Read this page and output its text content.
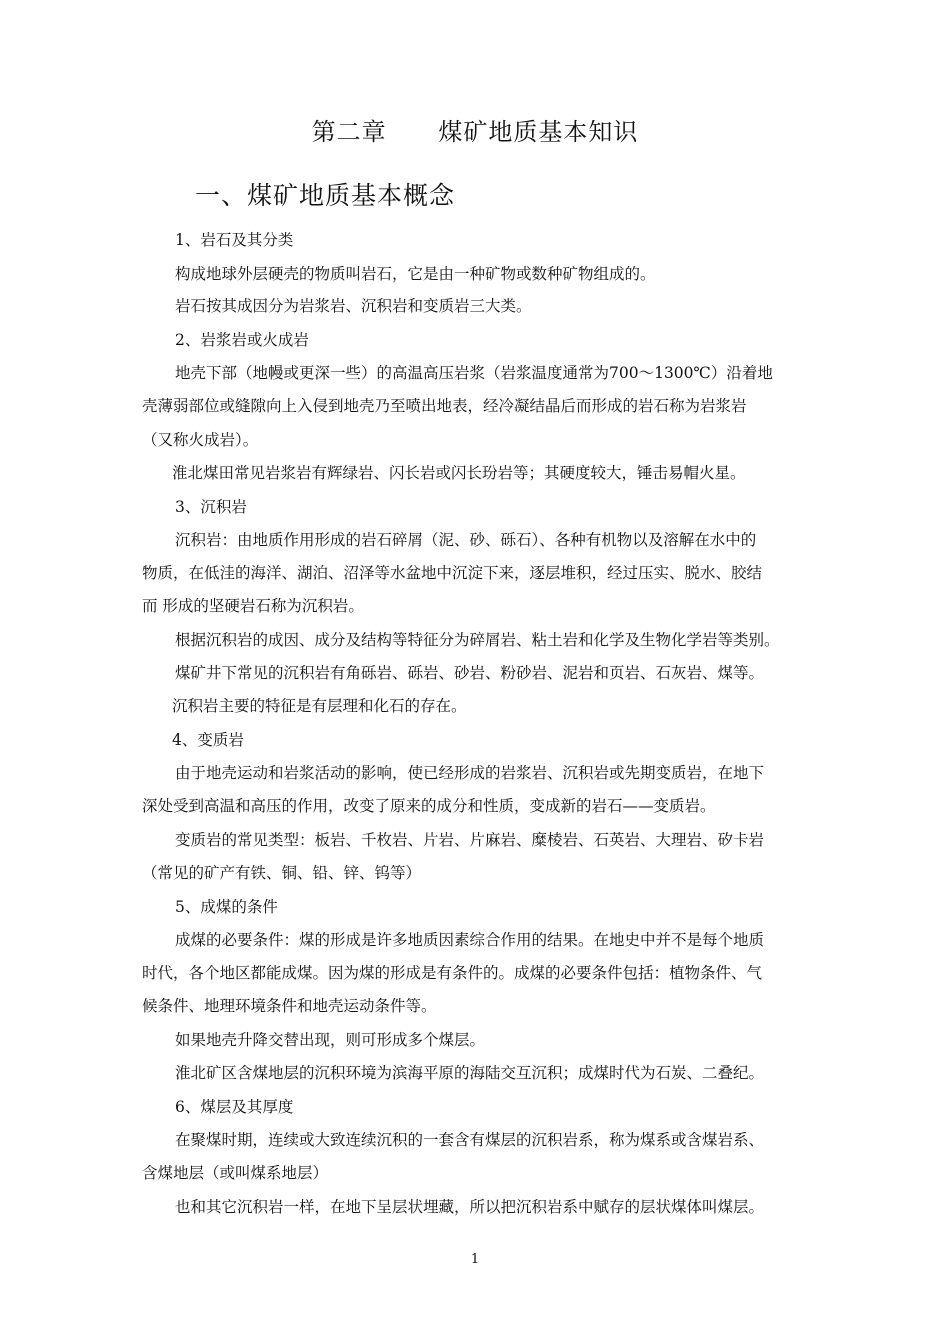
第二章      煤矿地质基本知识
一、煤矿地质基本概念
1、岩石及其分类
构成地球外层硬壳的物质叫岩石，它是由一种矿物或数种矿物组成的。
岩石按其成因分为岩浆岩、沉积岩和变质岩三大类。
2、岩浆岩或火成岩
地壳下部（地幔或更深一些）的高温高压岩浆（岩浆温度通常为700～1300℃）沿着地
壳薄弱部位或缝隙向上入侵到地壳乃至喷出地表，经冷凝结晶后而形成的岩石称为岩浆岩
（又称火成岩）。
淮北煤田常见岩浆岩有辉绿岩、闪长岩或闪长玢岩等；其硬度较大，锤击易帽火星。
3、沉积岩
沉积岩：由地质作用形成的岩石碎屑（泥、砂、砾石）、各种有机物以及溶解在水中的
物质，在低洼的海洋、湖泊、沼泽等水盆地中沉淀下来，逐层堆积，经过压实、脱水、胶结
而 形成的坚硬岩石称为沉积岩。
根据沉积岩的成因、成分及结构等特征分为碎屑岩、粘土岩和化学及生物化学岩等类别。
煤矿井下常见的沉积岩有角砾岩、砾岩、砂岩、粉砂岩、泥岩和页岩、石灰岩、煤等。
沉积岩主要的特征是有层理和化石的存在。
4、变质岩
由于地壳运动和岩浆活动的影响，使已经形成的岩浆岩、沉积岩或先期变质岩，在地下
深处受到高温和高压的作用，改变了原来的成分和性质，变成新的岩石——变质岩。
变质岩的常见类型：板岩、千枚岩、片岩、片麻岩、糜棱岩、石英岩、大理岩、矽卡岩
（常见的矿产有铁、铜、铅、锌、钨等）
5、成煤的条件
成煤的必要条件：煤的形成是许多地质因素综合作用的结果。在地史中并不是每个地质
时代，各个地区都能成煤。因为煤的形成是有条件的。成煤的必要条件包括：植物条件、气
候条件、地理环境条件和地壳运动条件等。
如果地壳升降交替出现，则可形成多个煤层。
淮北矿区含煤地层的沉积环境为滨海平原的海陆交互沉积；成煤时代为石炭、二叠纪。
6、煤层及其厚度
在聚煤时期，连续或大致连续沉积的一套含有煤层的沉积岩系，称为煤系或含煤岩系、
含煤地层（或叫煤系地层）
也和其它沉积岩一样，在地下呈层状埋藏，所以把沉积岩系中赋存的层状煤体叫煤层。
1
